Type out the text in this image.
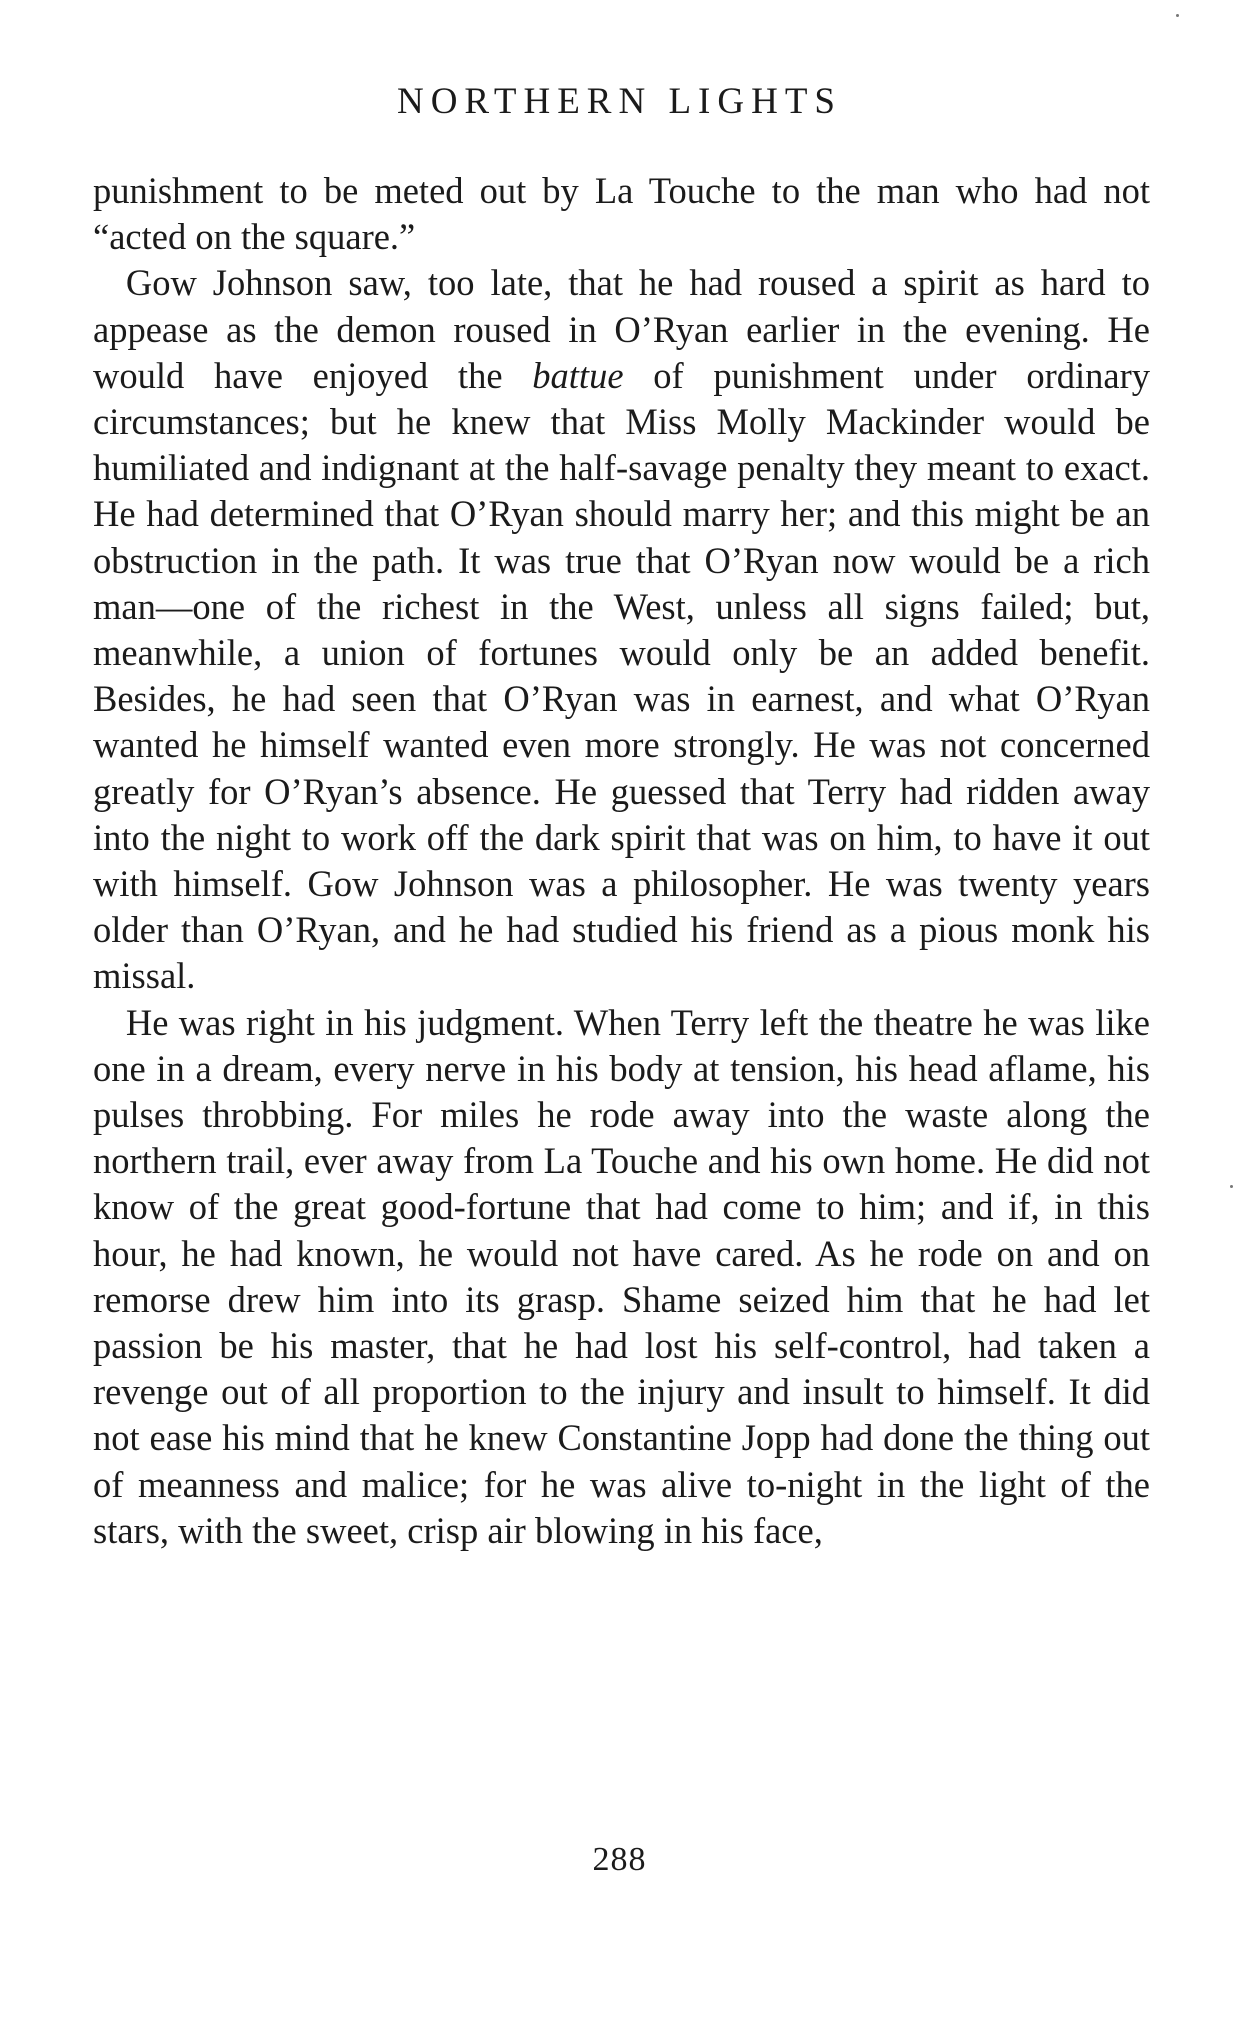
NORTHERN LIGHTS

punishment to be meted out by La Touche to the man who had not “acted on the square.”

Gow Johnson saw, too late, that he had roused a spirit as hard to appease as the demon roused in O’Ryan earlier in the evening. He would have enjoyed the battue of punishment under ordinary circumstances; but he knew that Miss Molly Mackinder would be humiliated and indignant at the half-savage penalty they meant to exact. He had determined that O’Ryan should marry her; and this might be an obstruction in the path. It was true that O’Ryan now would be a rich man—one of the richest in the West, unless all signs failed; but, meanwhile, a union of fortunes would only be an added benefit. Besides, he had seen that O’Ryan was in earnest, and what O’Ryan wanted he himself wanted even more strongly. He was not concerned greatly for O’Ryan’s absence. He guessed that Terry had ridden away into the night to work off the dark spirit that was on him, to have it out with himself. Gow Johnson was a philosopher. He was twenty years older than O’Ryan, and he had studied his friend as a pious monk his missal.

He was right in his judgment. When Terry left the theatre he was like one in a dream, every nerve in his body at tension, his head aflame, his pulses throbbing. For miles he rode away into the waste along the northern trail, ever away from La Touche and his own home. He did not know of the great good-fortune that had come to him; and if, in this hour, he had known, he would not have cared. As he rode on and on remorse drew him into its grasp. Shame seized him that he had let passion be his master, that he had lost his self-control, had taken a revenge out of all proportion to the injury and insult to himself. It did not ease his mind that he knew Constantine Jopp had done the thing out of meanness and malice; for he was alive to-night in the light of the stars, with the sweet, crisp air blowing in his face,

288
